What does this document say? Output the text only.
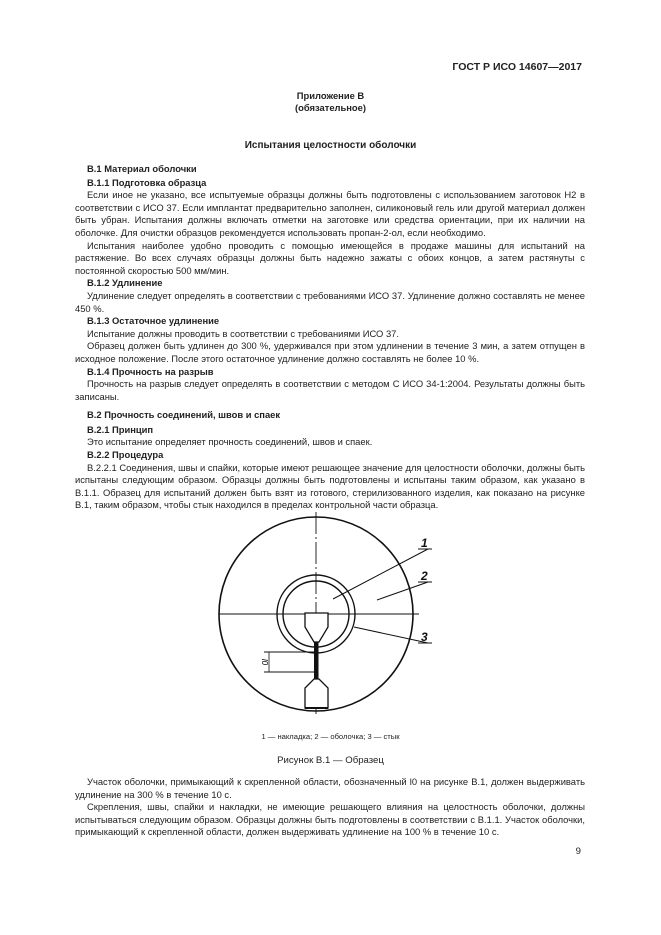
ГОСТ Р ИСО 14607—2017
Приложение В
(обязательное)
Испытания целостности оболочки
В.1 Материал оболочки
В.1.1 Подготовка образца

Если иное не указано, все испытуемые образцы должны быть подготовлены с использованием заготовок Н2 в соответствии с ИСО 37. Если имплантат предварительно заполнен, силиконовый гель или другой материал должен быть убран. Испытания должны включать отметки на заготовке или средства ориентации, при их наличии на оболочке. Для очистки образцов рекомендуется использовать пропан-2-ол, если необходимо.

Испытания наиболее удобно проводить с помощью имеющейся в продаже машины для испытаний на растяжение. Во всех случаях образцы должны быть надежно зажаты с обоих концов, а затем растянуты с постоянной скоростью 500 мм/мин.

В.1.2 Удлинение

Удлинение следует определять в соответствии с требованиями ИСО 37. Удлинение должно составлять не менее 450 %.

В.1.3 Остаточное удлинение

Испытание должны проводить в соответствии с требованиями ИСО 37.

Образец должен быть удлинен до 300 %, удерживался при этом удлинении в течение 3 мин, а затем отпущен в исходное положение. После этого остаточное удлинение должно составлять не более 10 %.

В.1.4 Прочность на разрыв

Прочность на разрыв следует определять в соответствии с методом С ИСО 34-1:2004. Результаты должны быть записаны.

В.2 Прочность соединений, швов и спаек
В.2.1 Принцип

Это испытание определяет прочность соединений, швов и спаек.

В.2.2 Процедура

В.2.2.1 Соединения, швы и спайки, которые имеют решающее значение для целостности оболочки, должны быть испытаны следующим образом. Образцы должны быть подготовлены и испытаны таким образом, как указано в В.1.1. Образец для испытаний должен быть взят из готового, стерилизованного изделия, как показано на рисунке В.1, таким образом, чтобы стык находился в пределах контрольной части образца.

1
2
3
l0
1 — накладка; 2 — оболочка; 3 — стык
Рисунок В.1 — Образец

Участок оболочки, примыкающий к скрепленной области, обозначенный l0 на рисунке В.1, должен выдерживать удлинение на 300 % в течение 10 с.

Скрепления, швы, спайки и накладки, не имеющие решающего влияния на целостность оболочки, должны испытываться следующим образом. Образцы должны быть подготовлены в соответствии с В.1.1. Участок оболочки, примыкающий к скрепленной области, должен выдерживать удлинение на 100 % в течение 10 с.

9
